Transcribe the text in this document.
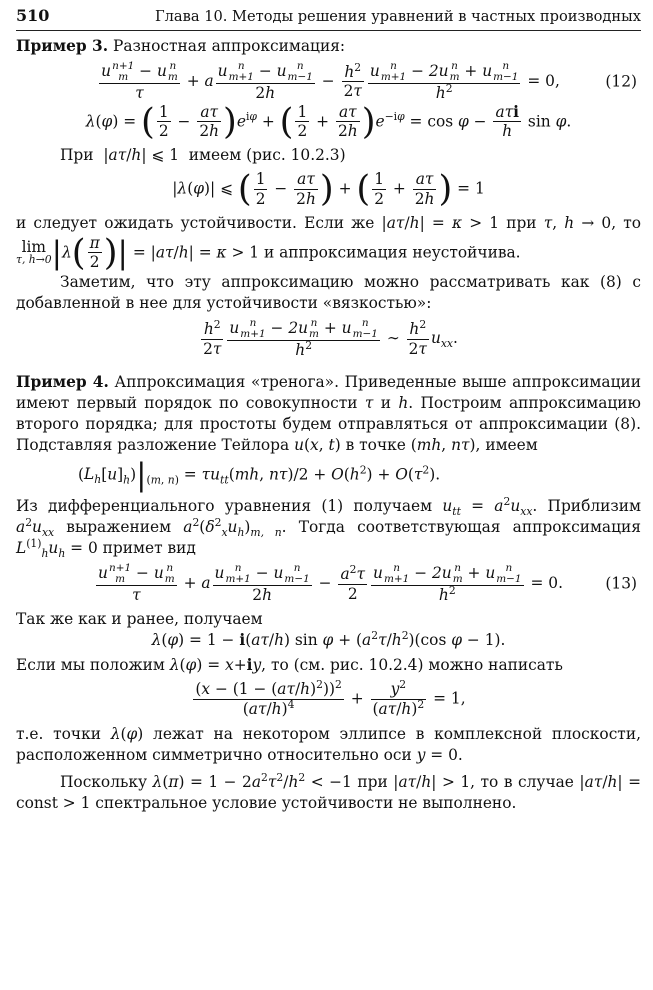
510	Глава 10. Методы решения уравнений в частных производных

Пример 3. Разностная аппроксимация:

u n+1
m − u n
m
τ + a u n
m+1 − u n
m−1
$2h - \frac{h^2}{2\tau}$ u n
m+1 − 2u n
m + u n
m−1
$h^2 = 0$,	(12)
λ(φ) = ( $\frac{1}{2} - \frac{a\tau}{2h} )e^{i\varphi}$ + ( $\frac{1}{2} + \frac{a\tau}{2h} )e^{-i\varphi} = \cos \varphi - \frac{\text{aτi}}{h}$ sin φ.

При  |aτ/h| ⩽ 1  имеем (рис. 10.2.3)

|λ(φ)| ⩽ ( $\frac{1}{2} - \frac{a\tau}{2h}$ ) + ( $\frac{1}{2} + \frac{a\tau}{2h}$ ) = 1

и следует ожидать устойчивости. Если же |aτ/h| = κ > 1 при τ, h → 0, то
lim
τ, h→0 $|\lambda( \frac{\pi}{2}$ )| = |aτ/h| = κ > 1 и аппроксимация неустойчива.

Заметим, что эту аппроксимацию можно рассматривать как (8) с добавленной в нее для устойчивости «вязкостью»:

$\frac{h^2}{2\tau}$ u n
m+1 − 2u n
m + u n
m−1
$h^2$ ∼ $\frac{h^2}{2\tau} u_{xx}$.

Пример 4. Аппроксимация «тренога». Приведенные выше аппроксимации имеют первый порядок по совокупности τ и h. Построим аппроксимацию второго порядка; для простоты будем отправляться от аппроксимации (8). Подставляя разложение Тейлора u(x, t) в точке (mh, nτ), имеем

$(L_h[u]_h)|_{(m, n)} = \tau u_{tt}(mh$, $n\tau)/2 + O(h^2) + O(\tau^2)$.

Из дифференциального уравнения (1) получаем $u_{tt} = a^2u_{xx}$. Приблизим $a^2u_{xx}$ выражением $a^2(\delta^2_xu_h)_{m, n}$. Тогда соответствующая аппроксимация $L^{(1)}_hu_h = 0$ примет вид

u n+1
m − u n
m
τ + a u n
m+1 − u n
m−1
$2h - \frac{a^2\tau}{2}$ u n
m+1 − 2u n
m + u n
m−1
$h^2 = 0$.	(13)

Так же как и ранее, получаем

λ(φ) = 1 − i(aτ/h) $\sin \varphi + (a^2\tau/h^2)(\cos$ φ − 1).

Если мы положим λ(φ) = x+iy, то (см. рис. 10.2.4) можно написать

$\frac{(x - (1 - (a\tau/h)^2))^2}{(a\tau/h)^4} + \frac{y^2}{(a\tau/h)^2} = 1$,

т.е. точки λ(φ) лежат на некотором эллипсе в комплексной плоскости, расположенном симметрично относительно оси y = 0.

Поскольку $\lambda(\pi) = 1 - 2a^2\tau^2/h^2 < -1$ при |aτ/h| > 1, то в случае |aτ/h| = const > 1 спектральное условие устойчивости не выполнено.
